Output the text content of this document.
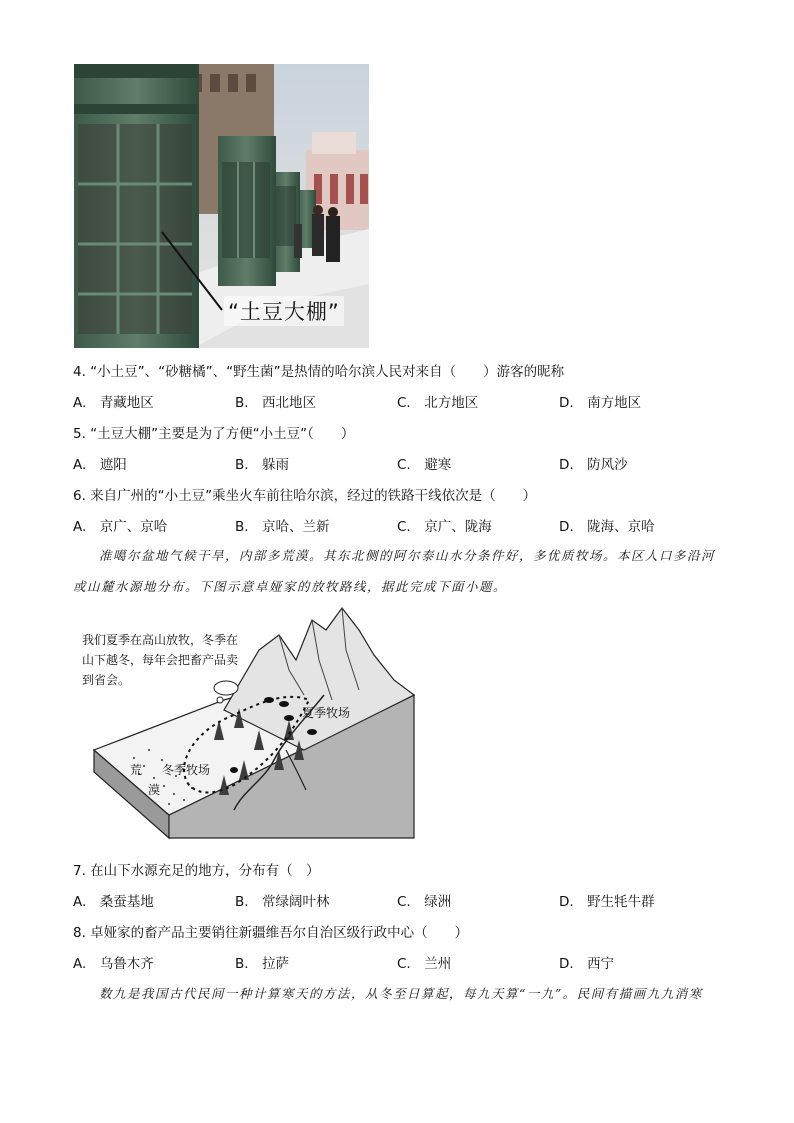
“土豆大棚”
4. “小土豆”、“砂糖橘”、“野生菌”是热情的哈尔滨人民对来自（　　）游客的昵称
A.　青藏地区	B.　西北地区	C.　北方地区	D.　南方地区
5. “土豆大棚”主要是为了方便“小土豆”（　　）
A.　遮阳	B.　躲雨	C.　避寒	D.　防风沙
6. 来自广州的“小土豆”乘坐火车前往哈尔滨，经过的铁路干线依次是（　　）
A.　京广、京哈	B.　京哈、兰新	C.　京广、陇海	D.　陇海、京哈
准噶尔盆地气候干旱，内部多荒漠。其东北侧的阿尔泰山水分条件好，多优质牧场。本区人口多沿河
或山麓水源地分布。下图示意卓娅家的放牧路线，据此完成下面小题。
我们夏季在高山放牧，冬季在
山下越冬，每年会把畜产品卖
到省会。
夏季牧场
冬季牧场
荒
漠
7. 在山下水源充足的地方，分布有（　）
A.　桑蚕基地	B.　常绿阔叶林	C.　绿洲	D.　野生牦牛群
8. 卓娅家的畜产品主要销往新疆维吾尔自治区级行政中心（　　）
A.　乌鲁木齐	B.　拉萨	C.　兰州	D.　西宁
数九是我国古代民间一种计算寒天的方法，从冬至日算起，每九天算“一九”。民间有描画九九消寒
